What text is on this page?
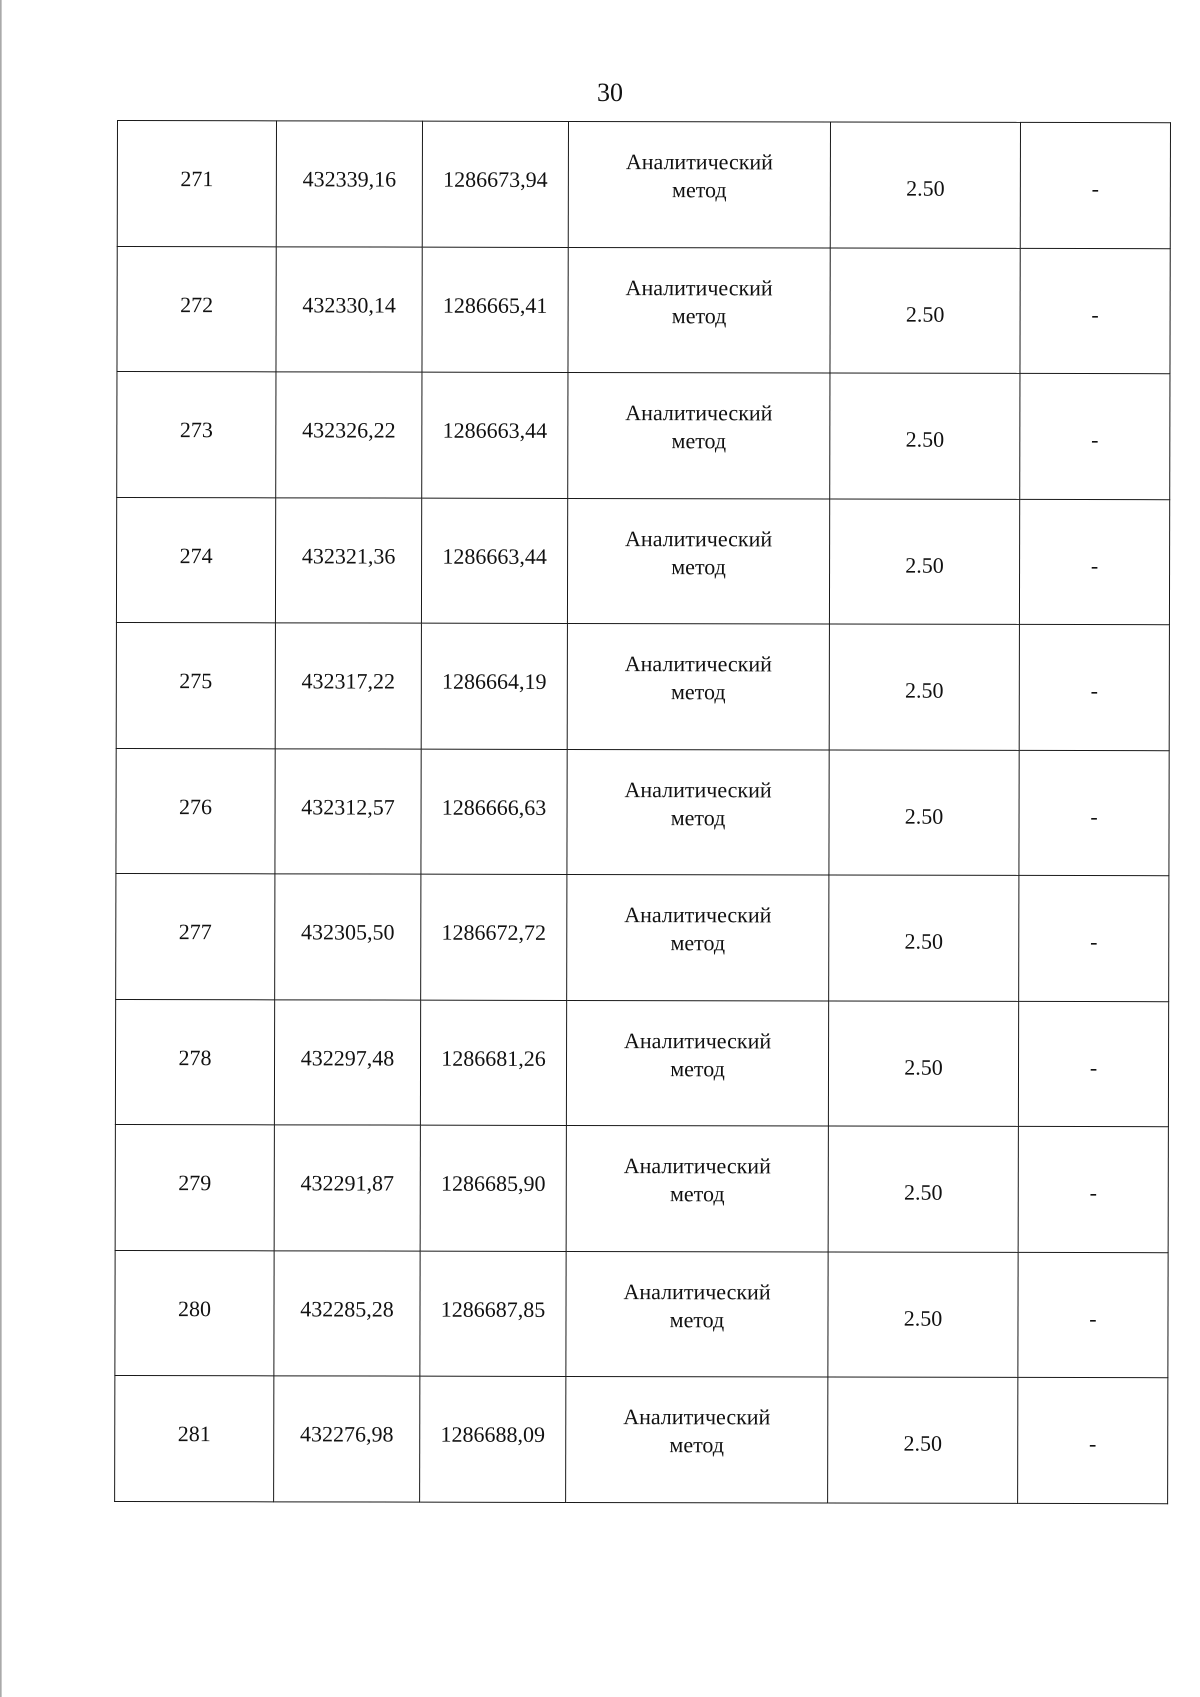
30
271	432339,16	1286673,94	Аналитический метод	2.50	-
272	432330,14	1286665,41	Аналитический метод	2.50	-
273	432326,22	1286663,44	Аналитический метод	2.50	-
274	432321,36	1286663,44	Аналитический метод	2.50	-
275	432317,22	1286664,19	Аналитический метод	2.50	-
276	432312,57	1286666,63	Аналитический метод	2.50	-
277	432305,50	1286672,72	Аналитический метод	2.50	-
278	432297,48	1286681,26	Аналитический метод	2.50	-
279	432291,87	1286685,90	Аналитический метод	2.50	-
280	432285,28	1286687,85	Аналитический метод	2.50	-
281	432276,98	1286688,09	Аналитический метод	2.50	-
